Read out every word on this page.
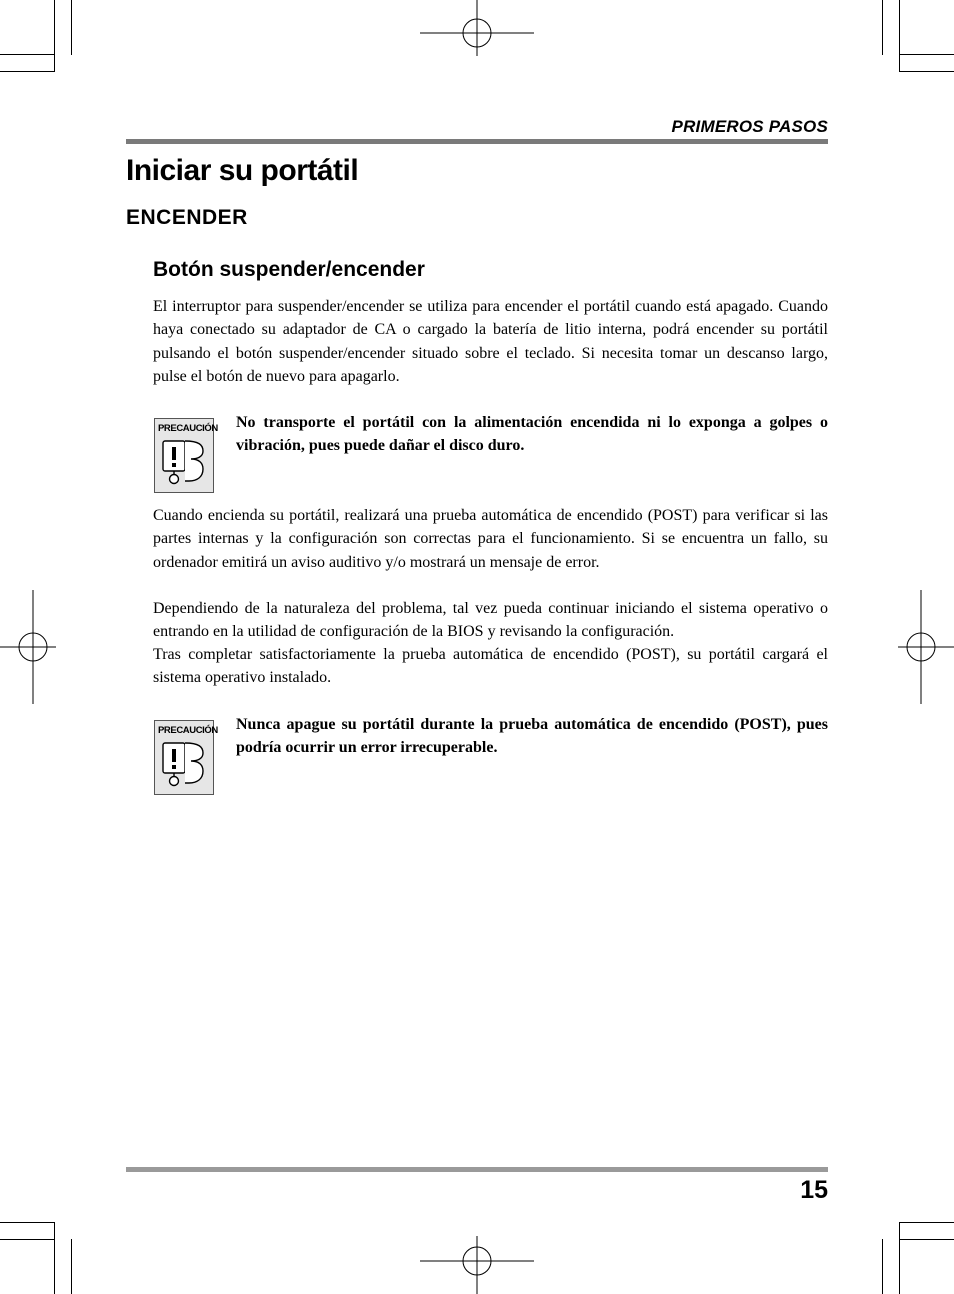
PRIMEROS PASOS
Iniciar su portátil
ENCENDER
Botón suspender/encender

El interruptor para suspender/encender se utiliza para encender el portátil cuando está apagado. Cuando haya conectado su adaptador de CA o cargado la batería de litio interna, podrá encender su portátil pulsando el botón suspender/encender situado sobre el teclado. Si necesita tomar un descanso largo, pulse el botón de nuevo para apagarlo.

PRECAUCIÓN No transporte el portátil con la alimentación encendida ni lo exponga a golpes o vibración, pues puede dañar el disco duro.

Cuando encienda su portátil, realizará una prueba automática de encendido (POST) para verificar si las partes internas y la configuración son correctas para el funcionamiento. Si se encuentra un fallo, su ordenador emitirá un aviso auditivo y/o mostrará un mensaje de error.

Dependiendo de la naturaleza del problema, tal vez pueda continuar iniciando el sistema operativo o entrando en la utilidad de configuración de la BIOS y revisando la configuración.

Tras completar satisfactoriamente la prueba automática de encendido (POST), su portátil cargará el sistema operativo instalado.

PRECAUCIÓN Nunca apague su portátil durante la prueba automática de encendido (POST), pues podría ocurrir un error irrecuperable.

15
